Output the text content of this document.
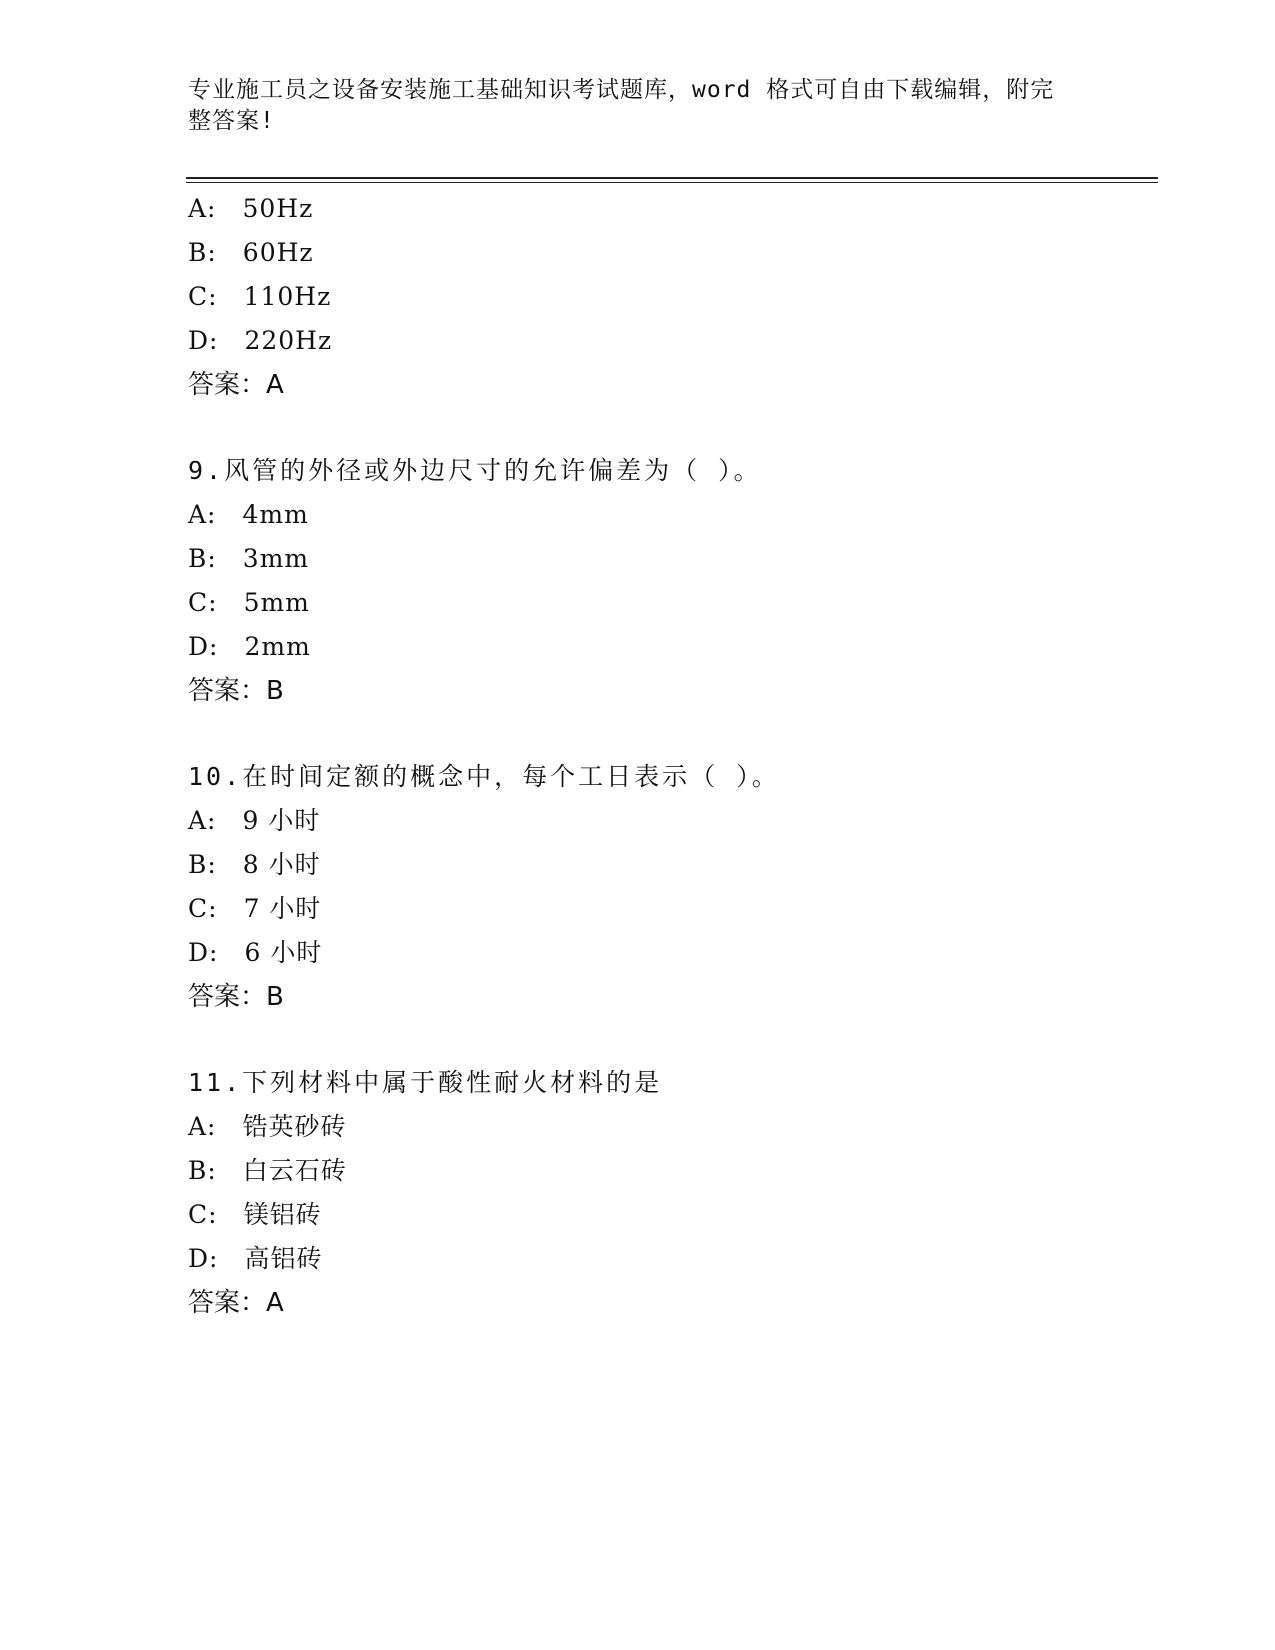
专业施工员之设备安装施工基础知识考试题库，word 格式可自由下载编辑，附完
整答案!
A: 50Hz
B: 60Hz
C: 110Hz
D: 220Hz
答案：A
9.风管的外径或外边尺寸的允许偏差为（ ）。
A: 4mm
B: 3mm
C: 5mm
D: 2mm
答案：B
10.在时间定额的概念中，每个工日表示（ ）。
A: 9 小时
B: 8 小时
C: 7 小时
D: 6 小时
答案：B
11.下列材料中属于酸性耐火材料的是
A: 锆英砂砖
B: 白云石砖
C: 镁铝砖
D: 高铝砖
答案：A
